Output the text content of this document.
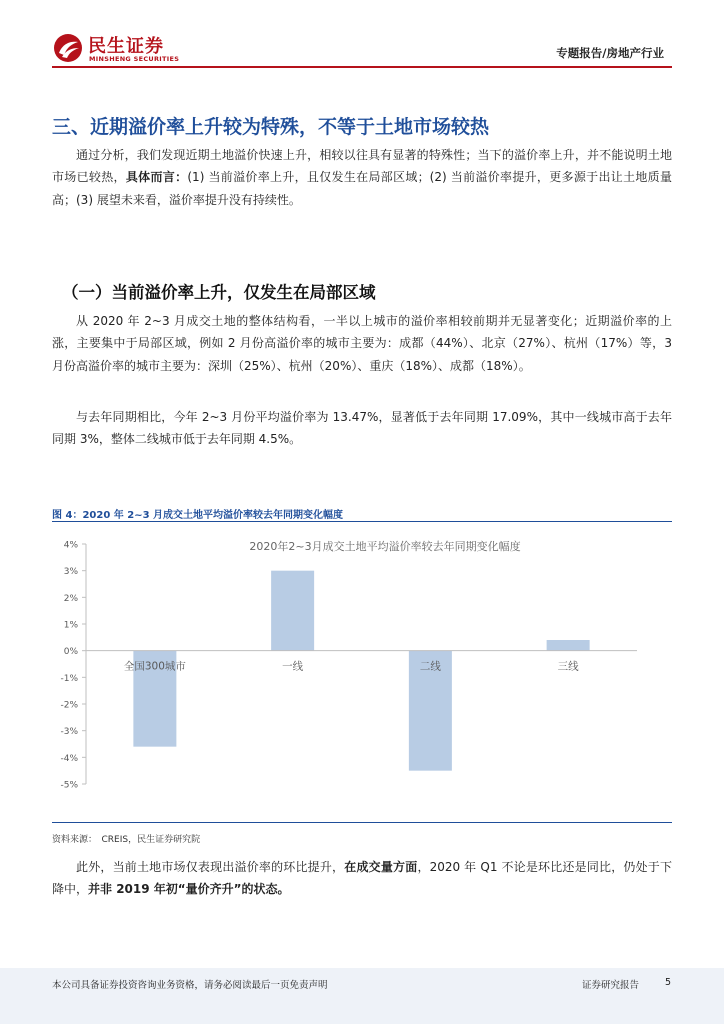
民生证券
MINSHENG SECURITIES	专题报告/房地产行业
三、近期溢价率上升较为特殊，不等于土地市场较热

通过分析，我们发现近期土地溢价快速上升，相较以往具有显著的特殊性；当下的溢价率上升，并不能说明土地市场已较热，具体而言：(1) 当前溢价率上升，且仅发生在局部区域；(2) 当前溢价率提升，更多源于出让土地质量高；(3) 展望未来看，溢价率提升没有持续性。

（一）当前溢价率上升，仅发生在局部区域

从 2020 年 2~3 月成交土地的整体结构看，一半以上城市的溢价率相较前期并无显著变化；近期溢价率的上涨，主要集中于局部区域，例如 2 月份高溢价率的城市主要为：成都（44%）、北京（27%）、杭州（17%）等，3 月份高溢价率的城市主要为：深圳（25%）、杭州（20%）、重庆（18%）、成都（18%）。

与去年同期相比，今年 2~3 月份平均溢价率为 13.47%，显著低于去年同期 17.09%，其中一线城市高于去年同期 3%，整体二线城市低于去年同期 4.5%。

图 4：2020 年 2~3 月成交土地平均溢价率较去年同期变化幅度
2020年2~3月成交土地平均溢价率较去年同期变化幅度
4%
3%
2%
1%
0%
-1%
-2%
-3%
-4%
-5%
全国300城市	一线	二线	三线
资料来源：　CREIS，民生证券研究院

此外，当前土地市场仅表现出溢价率的环比提升，在成交量方面，2020 年 Q1 不论是环比还是同比，仍处于下降中，并非 2019 年初“量价齐升”的状态。

本公司具备证券投资咨询业务资格，请务必阅读最后一页免责声明	证券研究报告	5
